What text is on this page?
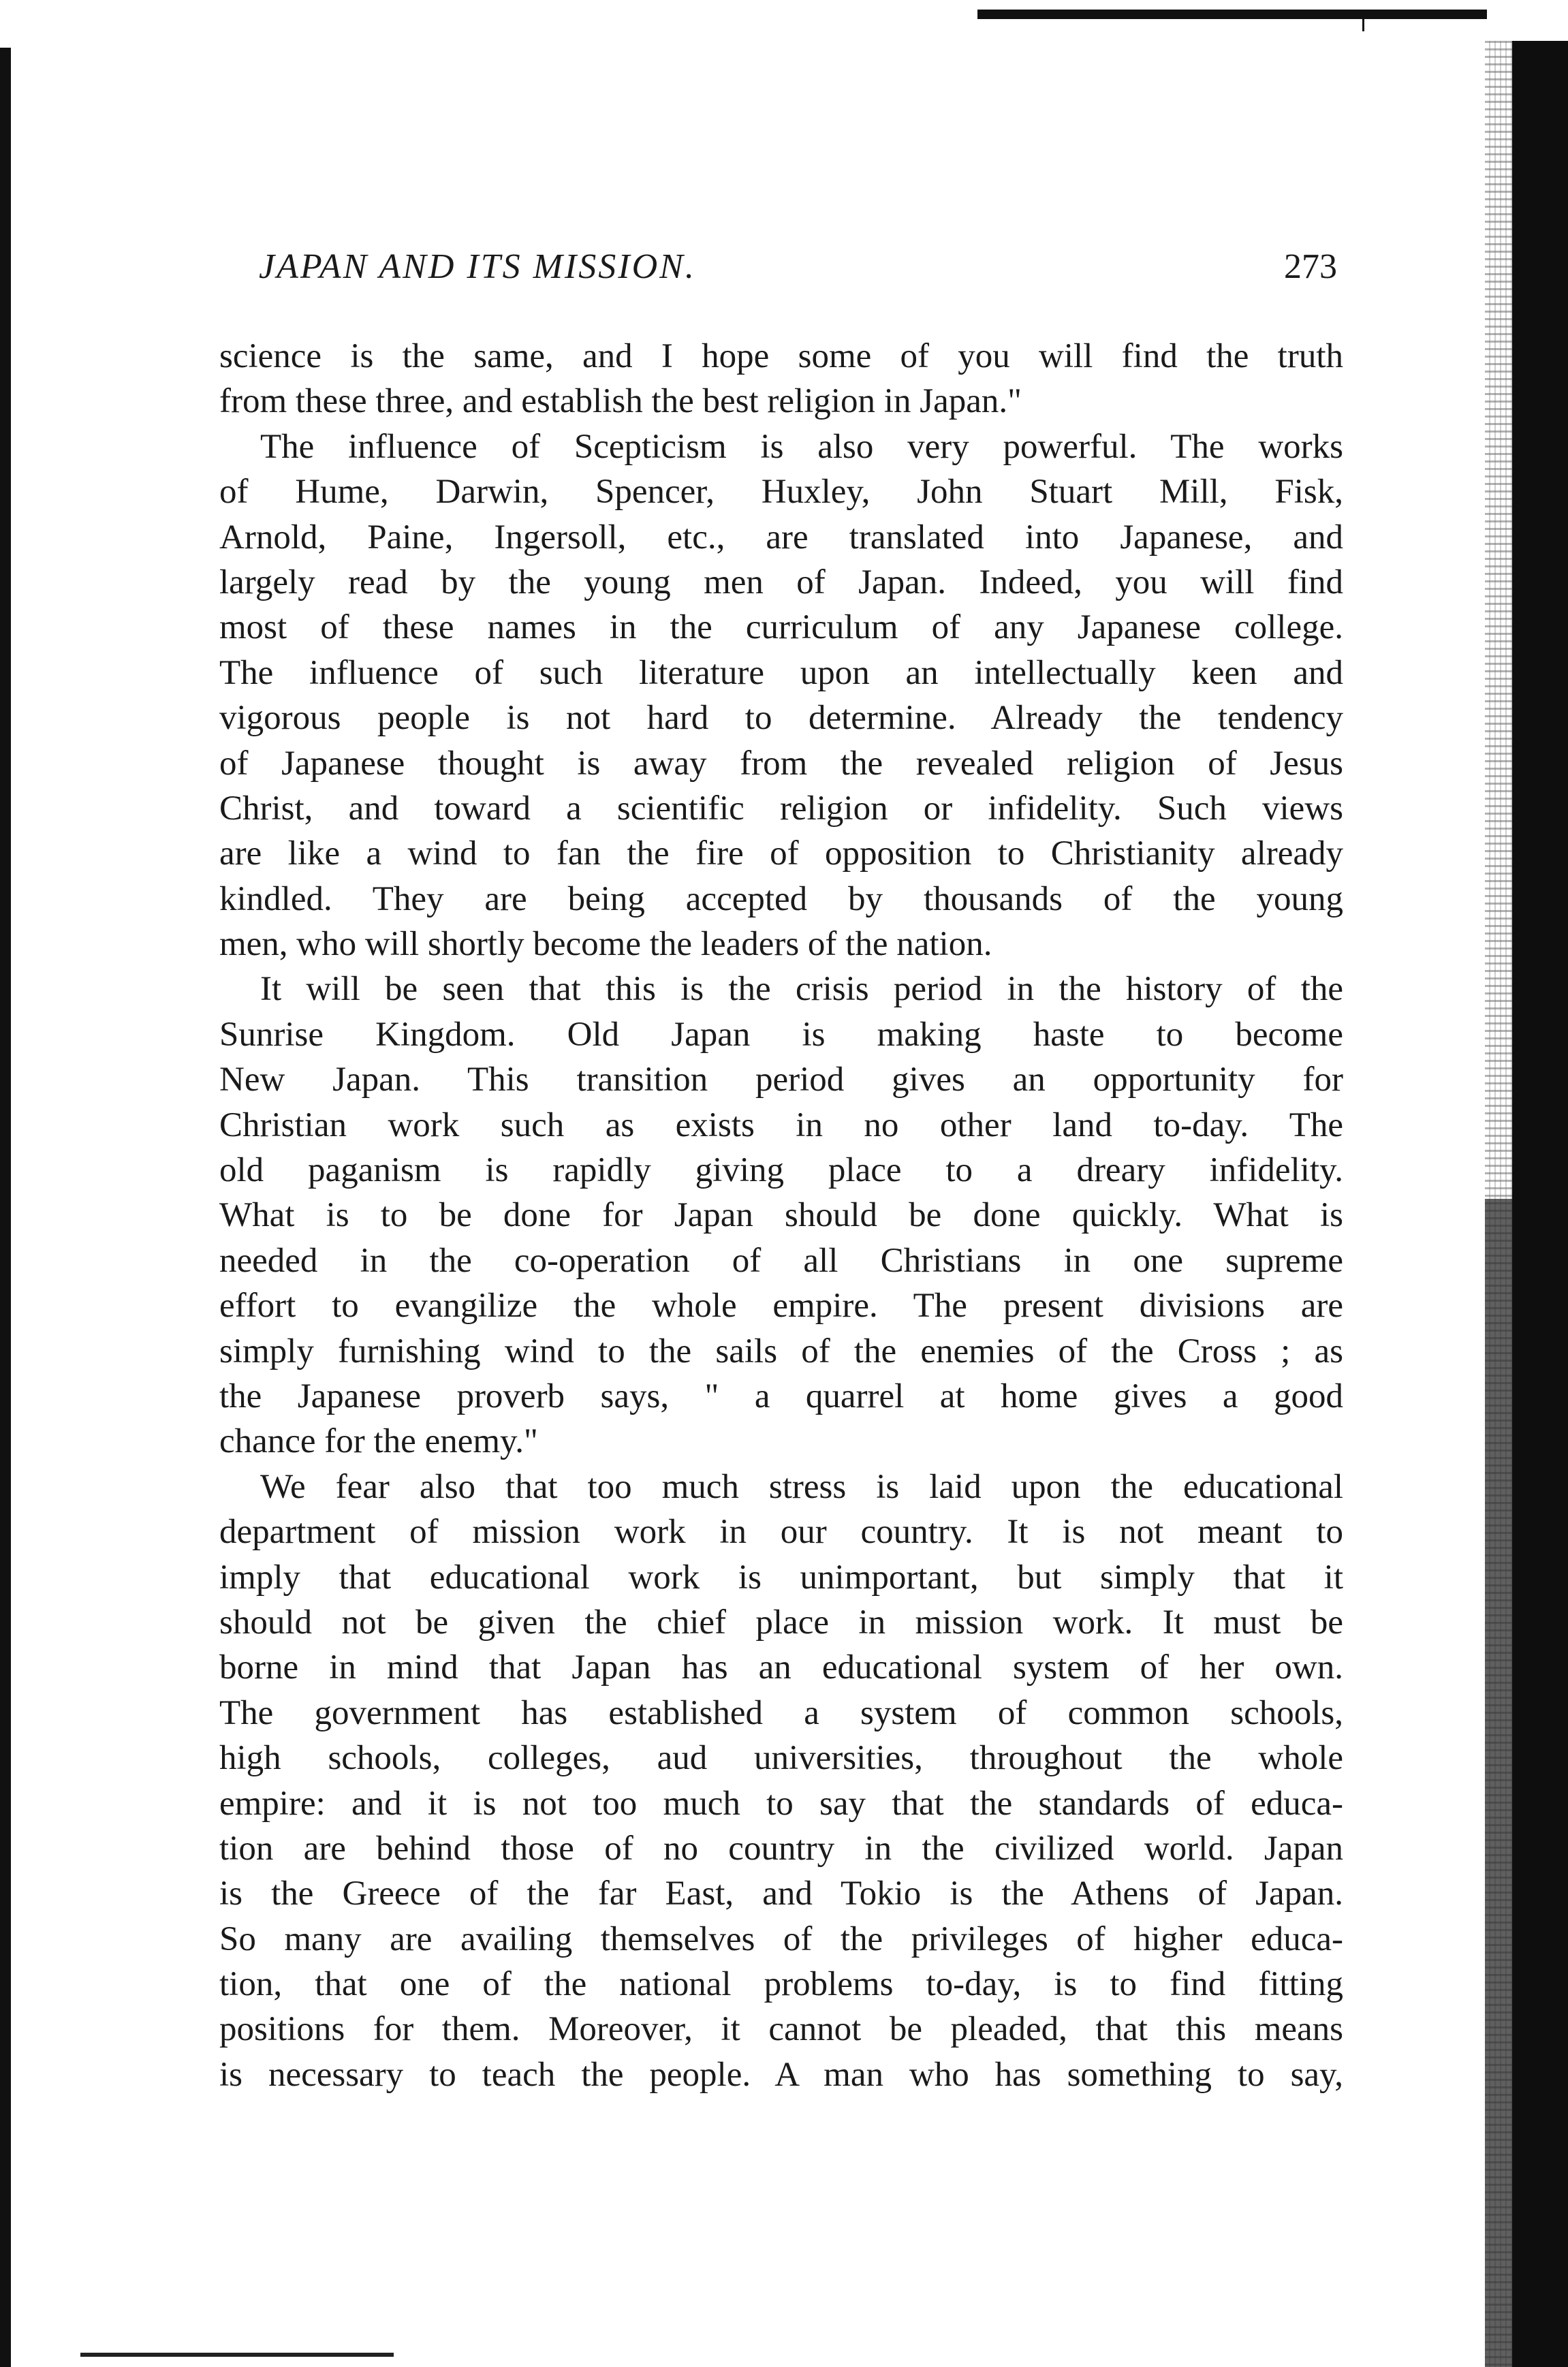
JAPAN AND ITS MISSION.	273
science is the same, and I hope some of you will find the truth
from these three, and establish the best religion in Japan."
The influence of Scepticism is also very powerful. The works
of Hume, Darwin, Spencer, Huxley, John Stuart Mill, Fisk,
Arnold, Paine, Ingersoll, etc., are translated into Japanese, and
largely read by the young men of Japan. Indeed, you will find
most of these names in the curriculum of any Japanese college.
The influence of such literature upon an intellectually keen and
vigorous people is not hard to determine. Already the tendency
of Japanese thought is away from the revealed religion of Jesus
Christ, and toward a scientific religion or infidelity. Such views
are like a wind to fan the fire of opposition to Christianity already
kindled. They are being accepted by thousands of the young
men, who will shortly become the leaders of the nation.
It will be seen that this is the crisis period in the history of the
Sunrise Kingdom. Old Japan is making haste to become
New Japan. This transition period gives an opportunity for
Christian work such as exists in no other land to-day. The
old paganism is rapidly giving place to a dreary infidelity.
What is to be done for Japan should be done quickly. What is
needed in the co-operation of all Christians in one supreme
effort to evangilize the whole empire. The present divisions are
simply furnishing wind to the sails of the enemies of the Cross ; as
the Japanese proverb says, " a quarrel at home gives a good
chance for the enemy."
We fear also that too much stress is laid upon the educational
department of mission work in our country. It is not meant to
imply that educational work is unimportant, but simply that it
should not be given the chief place in mission work. It must be
borne in mind that Japan has an educational system of her own.
The government has established a system of common schools,
high schools, colleges, aud universities, throughout the whole
empire: and it is not too much to say that the standards of educa-
tion are behind those of no country in the civilized world. Japan
is the Greece of the far East, and Tokio is the Athens of Japan.
So many are availing themselves of the privileges of higher educa-
tion, that one of the national problems to-day, is to find fitting
positions for them. Moreover, it cannot be pleaded, that this means
is necessary to teach the people. A man who has something to say,
